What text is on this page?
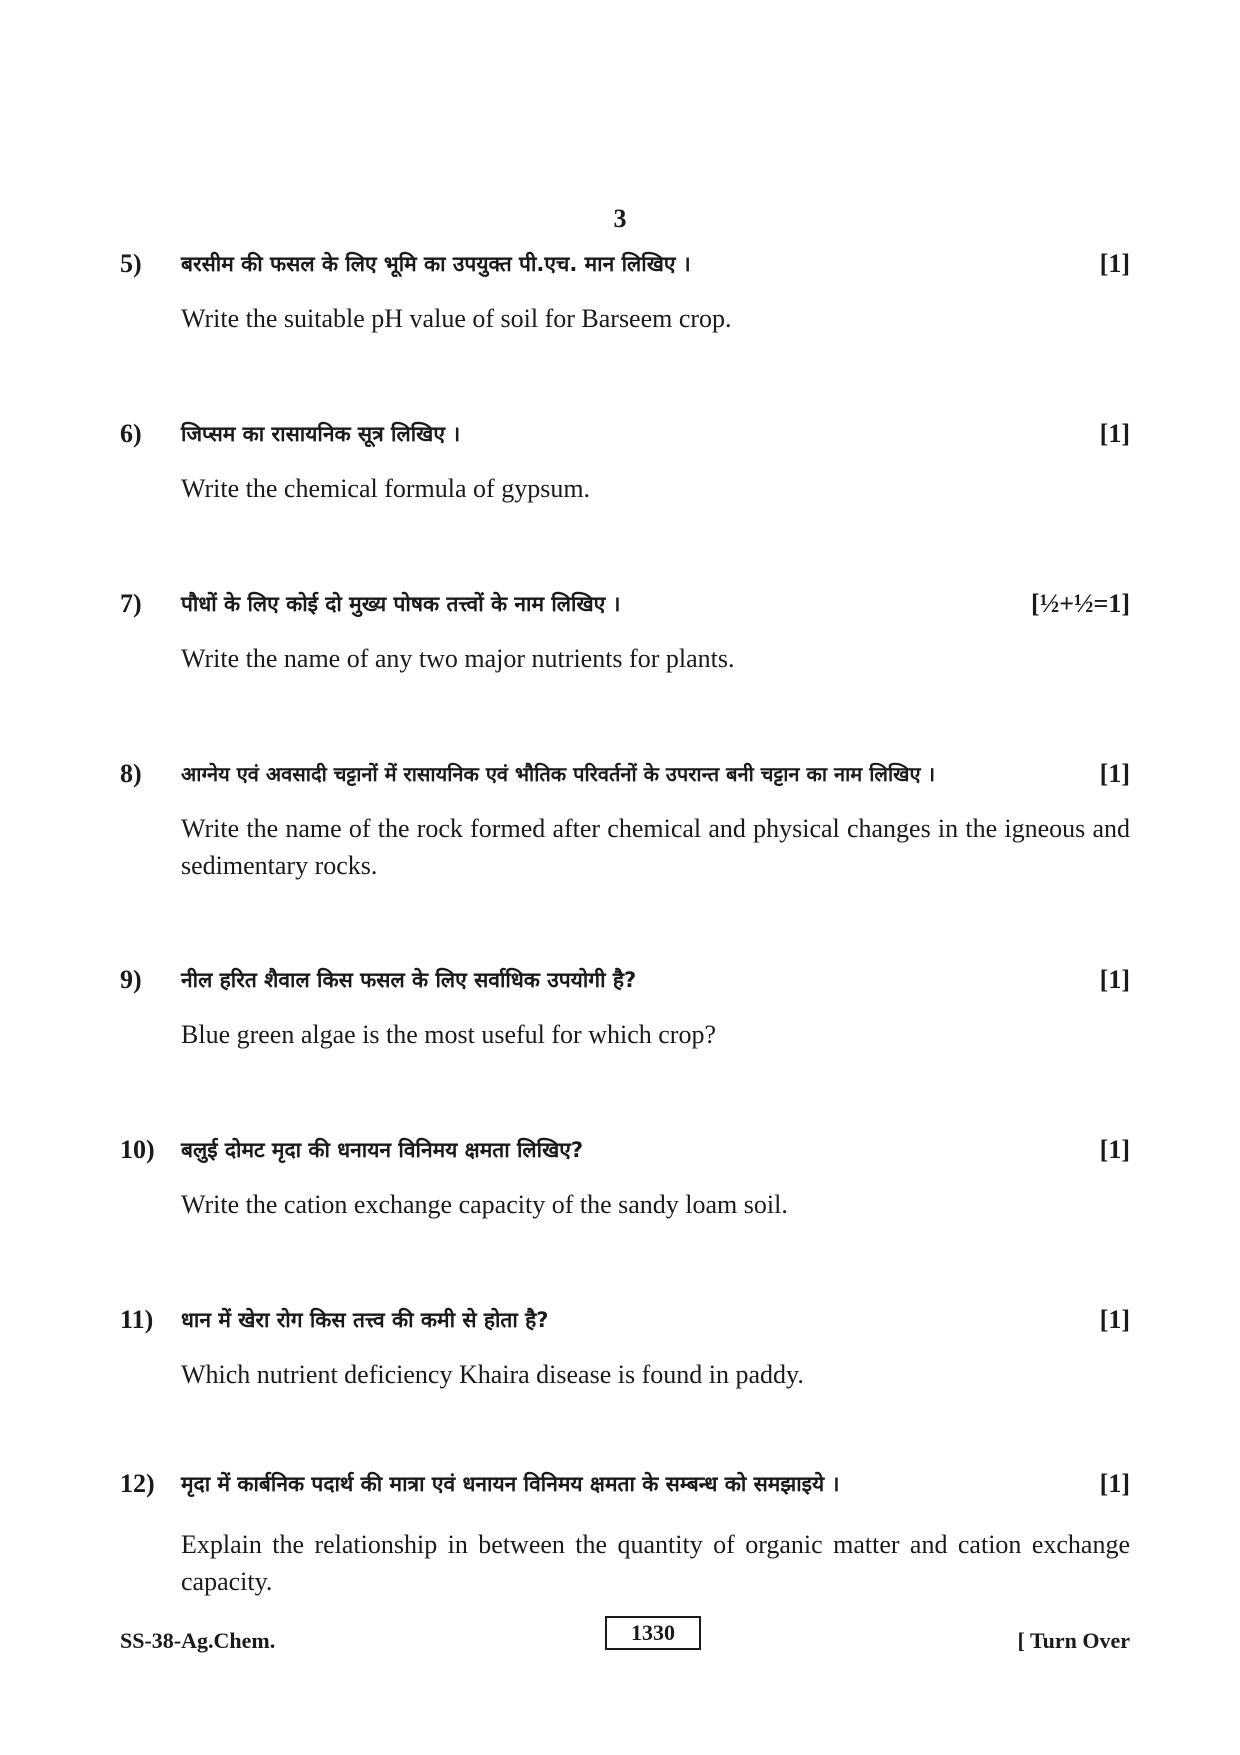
3
5) बरसीम की फसल के लिए भूमि का उपयुक्त पी.एच. मान लिखिए ।	[1]
Write the suitable pH value of soil for Barseem crop.
6) जिप्सम का रासायनिक सूत्र लिखिए ।	[1]
Write the chemical formula of gypsum.
7) पौधों के लिए कोई दो मुख्य पोषक तत्त्वों के नाम लिखिए ।	[½+½=1]
Write the name of any two major nutrients for plants.
8) आग्नेय एवं अवसादी चट्टानों में रासायनिक एवं भौतिक परिवर्तनों के उपरान्त बनी चट्टान का नाम लिखिए ।	[1]
Write the name of the rock formed after chemical and physical changes in the igneous and sedimentary rocks.
9) नील हरित शैवाल किस फसल के लिए सर्वाधिक उपयोगी है?	[1]
Blue green algae is the most useful for which crop?
10) बलुई दोमट मृदा की धनायन विनिमय क्षमता लिखिए?	[1]
Write the cation exchange capacity of the sandy loam soil.
11) धान में खेरा रोग किस तत्त्व की कमी से होता है?	[1]
Which nutrient deficiency Khaira disease is found in paddy.
12) मृदा में कार्बनिक पदार्थ की मात्रा एवं धनायन विनिमय क्षमता के सम्बन्ध को समझाइये ।	[1]
Explain the relationship in between the quantity of organic matter and cation exchange capacity.
SS-38-Ag.Chem.	1330	[ Turn Over
